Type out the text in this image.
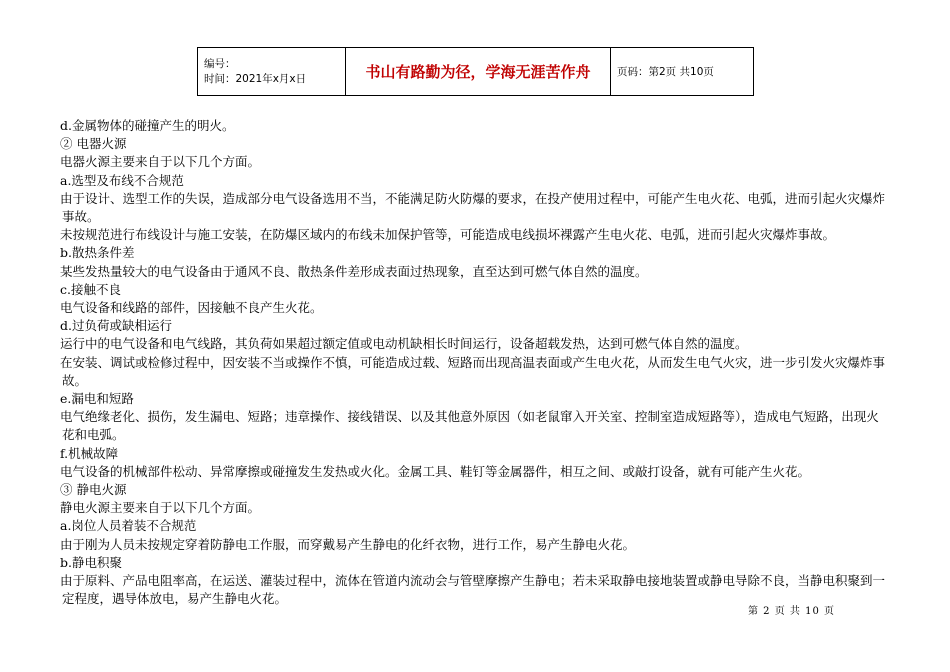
编号：
时间：2021年x月x日	书山有路勤为径，学海无涯苦作舟	页码：第2页 共10页

d.金属物体的碰撞产生的明火。

② 电器火源

电器火源主要来自于以下几个方面。

a.选型及布线不合规范

由于设计、选型工作的失误，造成部分电气设备选用不当，不能满足防火防爆的要求，在投产使用过程中，可能产生电火花、电弧，进而引起火灾爆炸事故。

未按规范进行布线设计与施工安装，在防爆区域内的布线未加保护管等，可能造成电线损坏裸露产生电火花、电弧，进而引起火灾爆炸事故。

b.散热条件差

某些发热量较大的电气设备由于通风不良、散热条件差形成表面过热现象，直至达到可燃气体自然的温度。

c.接触不良

电气设备和线路的部件，因接触不良产生火花。

d.过负荷或缺相运行

运行中的电气设备和电气线路，其负荷如果超过额定值或电动机缺相长时间运行，设备超载发热，达到可燃气体自然的温度。

在安装、调试或检修过程中，因安装不当或操作不慎，可能造成过载、短路而出现高温表面或产生电火花，从而发生电气火灾，进一步引发火灾爆炸事故。

e.漏电和短路

电气绝缘老化、损伤，发生漏电、短路；违章操作、接线错误、以及其他意外原因（如老鼠窜入开关室、控制室造成短路等），造成电气短路，出现火花和电弧。

f.机械故障

电气设备的机械部件松动、异常摩擦或碰撞发生发热或火化。金属工具、鞋钉等金属器件，相互之间、或敲打设备，就有可能产生火花。

③ 静电火源

静电火源主要来自于以下几个方面。

a.岗位人员着装不合规范

由于刚为人员未按规定穿着防静电工作服，而穿戴易产生静电的化纤衣物，进行工作，易产生静电火花。

b.静电积聚

由于原料、产品电阻率高，在运送、灌装过程中，流体在管道内流动会与管壁摩擦产生静电；若未采取静电接地装置或静电导除不良，当静电积聚到一定程度，遇导体放电，易产生静电火花。

第 2 页 共 10 页
